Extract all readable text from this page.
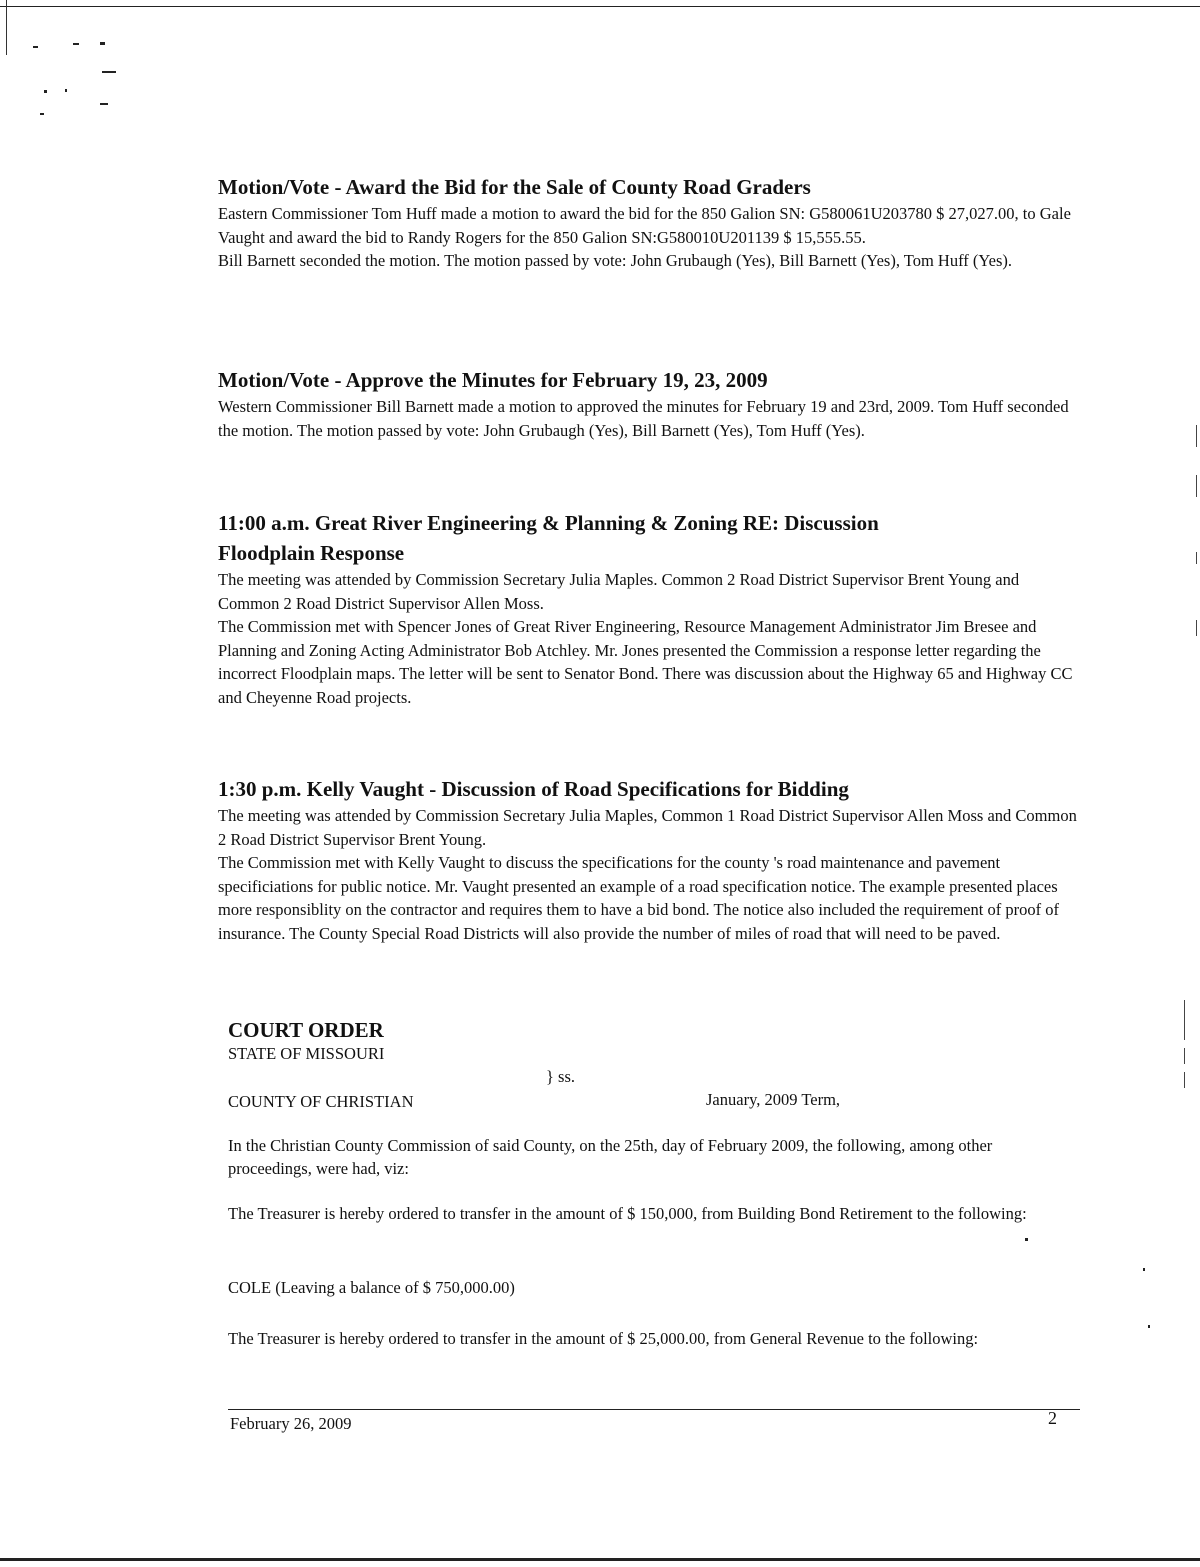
Motion/Vote - Award the Bid for the Sale of County Road Graders

Eastern Commissioner Tom Huff made a motion to award the bid for the 850 Galion SN: G580061U203780 $ 27,027.00, to Gale Vaught and award the bid to Randy Rogers for the 850 Galion SN:G580010U201139 $ 15,555.55.

Bill Barnett seconded the motion. The motion passed by vote: John Grubaugh (Yes), Bill Barnett (Yes), Tom Huff (Yes).

Motion/Vote - Approve the Minutes for February 19, 23, 2009

Western Commissioner Bill Barnett made a motion to approved the minutes for February 19 and 23rd, 2009. Tom Huff seconded the motion. The motion passed by vote: John Grubaugh (Yes), Bill Barnett (Yes), Tom Huff (Yes).

11:00 a.m. Great River Engineering & Planning & Zoning RE: Discussion Floodplain Response

The meeting was attended by Commission Secretary Julia Maples. Common 2 Road District Supervisor Brent Young and Common 2 Road District Supervisor Allen Moss.

The Commission met with Spencer Jones of Great River Engineering, Resource Management Administrator Jim Bresee and Planning and Zoning Acting Administrator Bob Atchley. Mr. Jones presented the Commission a response letter regarding the incorrect Floodplain maps. The letter will be sent to Senator Bond. There was discussion about the Highway 65 and Highway CC and Cheyenne Road projects.

1:30 p.m. Kelly Vaught - Discussion of Road Specifications for Bidding

The meeting was attended by Commission Secretary Julia Maples, Common 1 Road District Supervisor Allen Moss and Common 2 Road District Supervisor Brent Young.

The Commission met with Kelly Vaught to discuss the specifications for the county 's road maintenance and pavement specificiations for public notice. Mr. Vaught presented an example of a road specification notice. The example presented places more responsiblity on the contractor and requires them to have a bid bond. The notice also included the requirement of proof of insurance. The County Special Road Districts will also provide the number of miles of road that will need to be paved.

COURT ORDER

STATE OF MISSOURI

} ss.

COUNTY OF CHRISTIAN	January, 2009 Term,

In the Christian County Commission of said County, on the 25th, day of February 2009, the following, among other proceedings, were had, viz:

The Treasurer is hereby ordered to transfer in the amount of $ 150,000, from Building Bond Retirement to the following:

COLE (Leaving a balance of $ 750,000.00)

The Treasurer is hereby ordered to transfer in the amount of $ 25,000.00, from General Revenue to the following:

February 26, 2009	2
